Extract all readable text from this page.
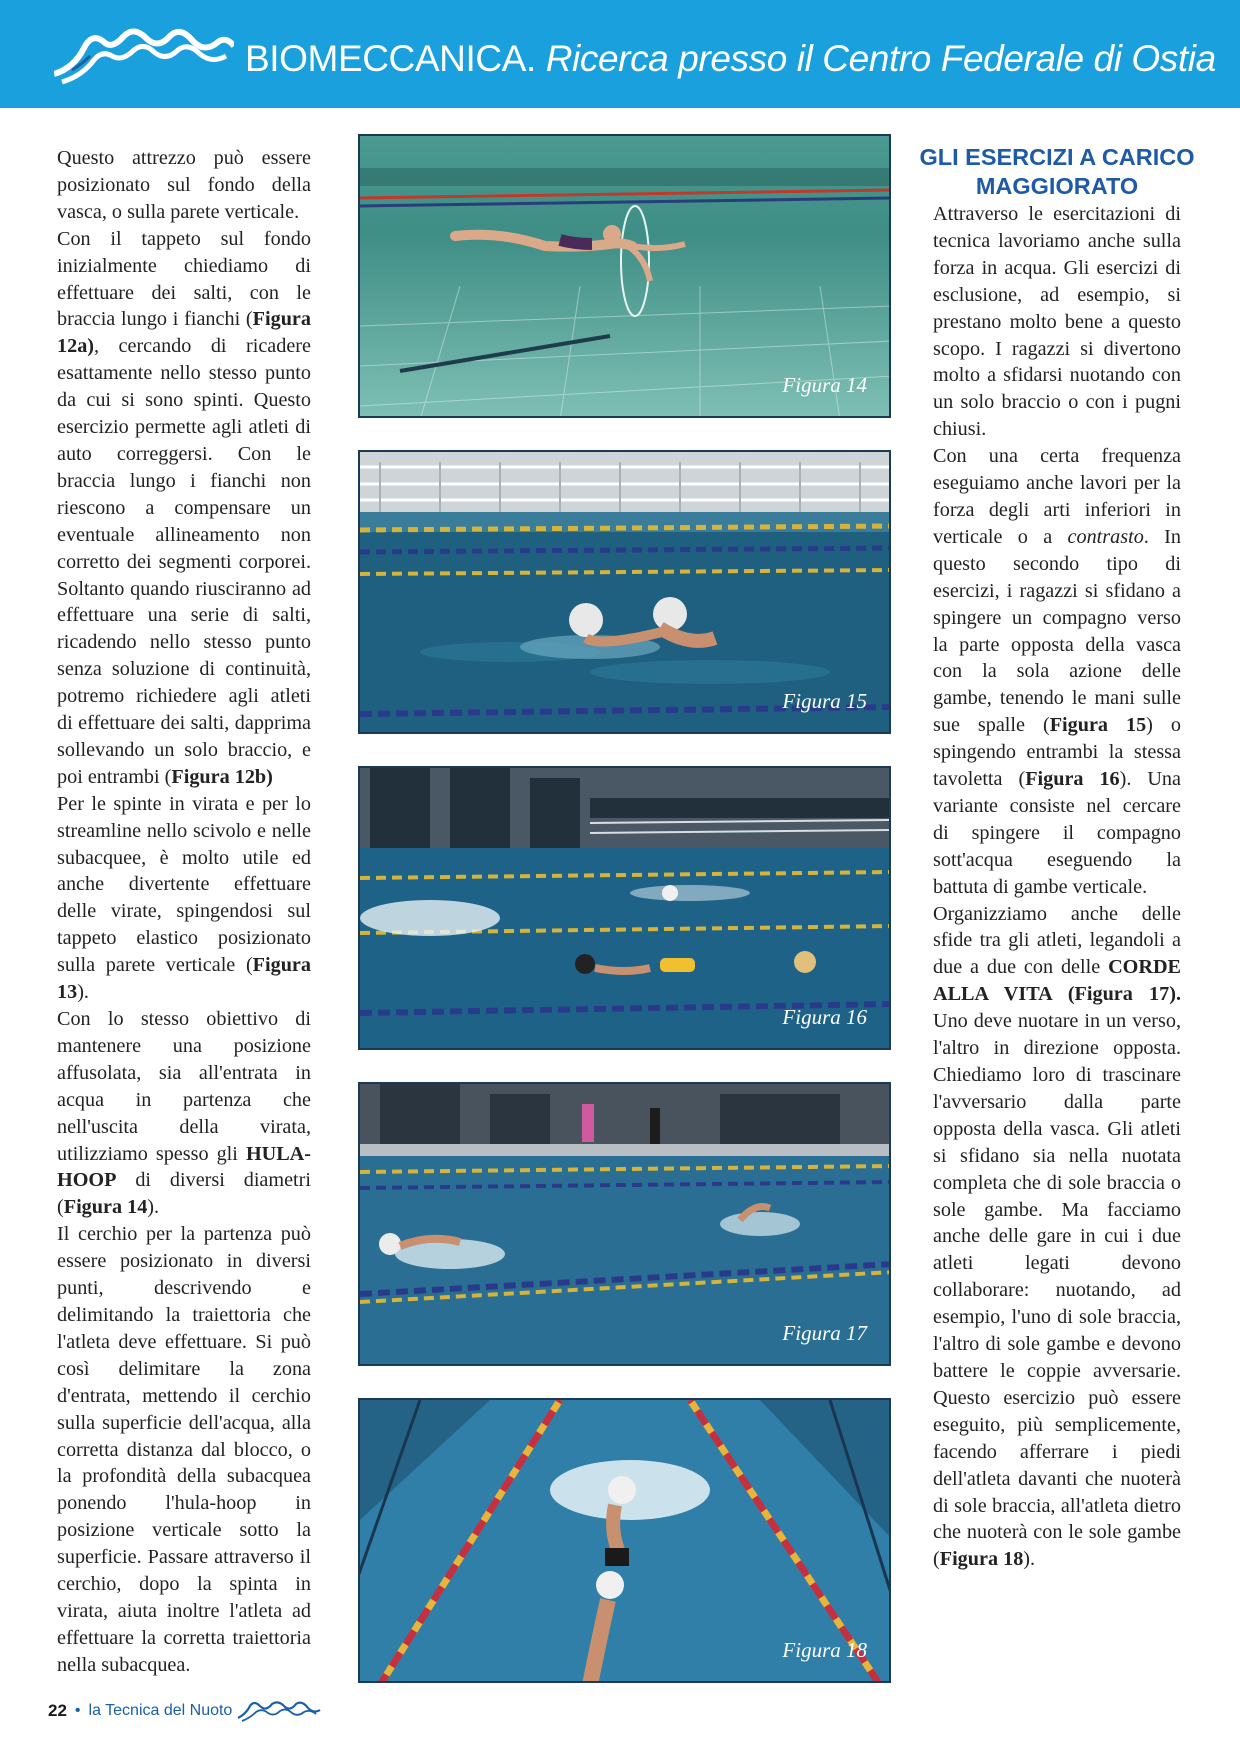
BIOMECCANICA. Ricerca presso il Centro Federale di Ostia

Questo attrezzo può essere posizionato sul fondo della vasca, o sulla parete verticale.

Con il tappeto sul fondo inizialmente chiediamo di effettuare dei salti, con le braccia lungo i fianchi (Figura 12a), cercando di ricadere esattamente nello stesso punto da cui si sono spinti. Questo esercizio permette agli atleti di auto correggersi. Con le braccia lungo i fianchi non riescono a compensare un eventuale allineamento non corretto dei segmenti corporei. Soltanto quando riusciranno ad effettuare una serie di salti, ricadendo nello stesso punto senza soluzione di continuità, potremo richiedere agli atleti di effettuare dei salti, dapprima sollevando un solo braccio, e poi entrambi (Figura 12b)

Per le spinte in virata e per lo streamline nello scivolo e nelle subacquee, è molto utile ed anche divertente effettuare delle virate, spingendosi sul tappeto elastico posizionato sulla parete verticale (Figura 13).

Con lo stesso obiettivo di mantenere una posizione affusolata, sia all'entrata in acqua in partenza che nell'uscita della virata, utilizziamo spesso gli HULA-HOOP di diversi diametri (Figura 14).

Il cerchio per la partenza può essere posizionato in diversi punti, descrivendo e delimitando la traiettoria che l'atleta deve effettuare. Si può così delimitare la zona d'entrata, mettendo il cerchio sulla superficie dell'acqua, alla corretta distanza dal blocco, o la profondità della subacquea ponendo l'hula-hoop in posizione verticale sotto la superficie. Passare attraverso il cerchio, dopo la spinta in virata, aiuta inoltre l'atleta ad effettuare la corretta traiettoria nella subacquea.

Figura 14
Figura 15
Figura 16
Figura 17
Figura 18
GLI ESERCIZI A CARICO MAGGIORATO

Attraverso le esercitazioni di tecnica lavoriamo anche sulla forza in acqua. Gli esercizi di esclusione, ad esempio, si prestano molto bene a questo scopo. I ragazzi si divertono molto a sfidarsi nuotando con un solo braccio o con i pugni chiusi.

Con una certa frequenza eseguiamo anche lavori per la forza degli arti inferiori in verticale o a contrasto. In questo secondo tipo di esercizi, i ragazzi si sfidano a spingere un compagno verso la parte opposta della vasca con la sola azione delle gambe, tenendo le mani sulle sue spalle (Figura 15) o spingendo entrambi la stessa tavoletta (Figura 16). Una variante consiste nel cercare di spingere il compagno sott'acqua eseguendo la battuta di gambe verticale.

Organizziamo anche delle sfide tra gli atleti, legandoli a due a due con delle CORDE ALLA VITA (Figura 17). Uno deve nuotare in un verso, l'altro in direzione opposta. Chiediamo loro di trascinare l'avversario dalla parte opposta della vasca. Gli atleti si sfidano sia nella nuotata completa che di sole braccia o sole gambe. Ma facciamo anche delle gare in cui i due atleti legati devono collaborare: nuotando, ad esempio, l'uno di sole braccia, l'altro di sole gambe e devono battere le coppie avversarie. Questo esercizio può essere eseguito, più semplicemente, facendo afferrare i piedi dell'atleta davanti che nuoterà di sole braccia, all'atleta dietro che nuoterà con le sole gambe (Figura 18).

22 • la Tecnica del Nuoto
